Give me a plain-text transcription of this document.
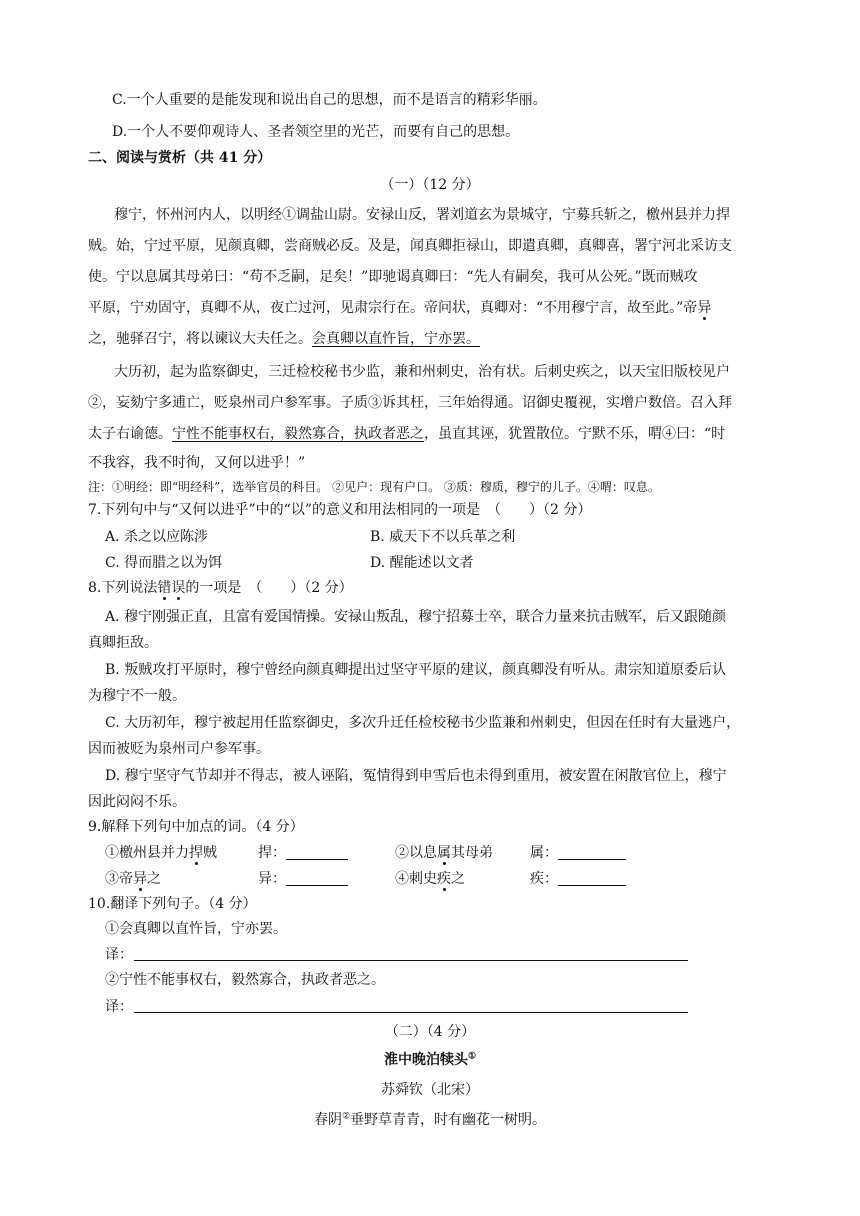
C.一个人重要的是能发现和说出自己的思想，而不是语言的精彩华丽。
D.一个人不要仰观诗人、圣者领空里的光芒，而要有自己的思想。
二、阅读与赏析（共 41 分）
（一）（12 分）
穆宁，怀州河内人，以明经①调盐山尉。安禄山反，署刘道玄为景城守，宁募兵斩之，檄州县并力捍
贼。始，宁过平原，见颜真卿，尝商贼必反。及是，闻真卿拒禄山，即遣真卿，真卿喜，署宁河北采访支
使。宁以息属其母弟曰：“苟不乏嗣，足矣！”即驰谒真卿曰：“先人有嗣矣，我可从公死。”既而贼攻
平原，宁劝固守，真卿不从，夜亡过河，见肃宗行在。帝问状，真卿对：“不用穆宁言，故至此。”帝异
之，驰驿召宁，将以谏议大夫任之。会真卿以直忤旨，宁亦罢。
大历初，起为监察御史，三迁检校秘书少监，兼和州刺史，治有状。后刺史疾之，以天宝旧版校见户
②，妄劾宁多逋亡，贬泉州司户参军事。子质③诉其枉，三年始得通。诏御史覆视，实增户数倍。召入拜
太子右谕德。宁性不能事权右，毅然寡合，执政者恶之，虽直其诬，犹置散位。宁默不乐，喟④曰：“时
不我容，我不时徇，又何以进乎！”
注：①明经：即“明经科”，选举官员的科目。 ②见户：现有户口。 ③质：穆质，穆宁的儿子。④喟：叹息。
7.下列句中与“又何以进乎”中的“以”的意义和用法相同的一项是　（　　）（2 分）
A. 杀之以应陈涉	B. 威天下不以兵革之利
C. 得而腊之以为饵	D. 醒能述以文者
8.下列说法错误的一项是　（　　）（2 分）
A. 穆宁刚强正直，且富有爱国情操。安禄山叛乱，穆宁招募士卒，联合力量来抗击贼军，后又跟随颜
真卿拒敌。
B. 叛贼攻打平原时，穆宁曾经向颜真卿提出过坚守平原的建议，颜真卿没有听从。肃宗知道原委后认
为穆宁不一般。
C. 大历初年，穆宁被起用任监察御史，多次升迁任检校秘书少监兼和州刺史，但因在任时有大量逃户，
因而被贬为泉州司户参军事。
D. 穆宁坚守气节却并不得志，被人诬陷，冤情得到申雪后也未得到重用，被安置在闲散官位上，穆宁
因此闷闷不乐。
9.解释下列句中加点的词。（4 分）
①檄州县并力捍贼	捍：	②以息属其母弟	属：
③帝异之	异：	④刺史疾之	疾：
10.翻译下列句子。（4 分）
①会真卿以直忤旨，宁亦罢。
译：
②宁性不能事权右，毅然寡合，执政者恶之。
译：
（二）（4 分）
淮中晚泊犊头①
苏舜钦（北宋）
春阴②垂野草青青，时有幽花一树明。
